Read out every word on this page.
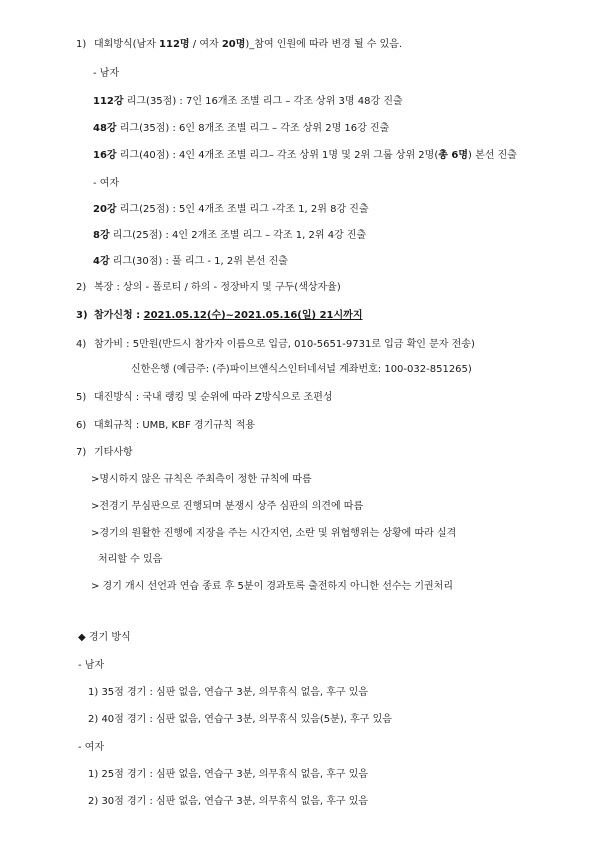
1) 대회방식(남자 112명 / 여자 20명)_참여 인원에 따라 변경 될 수 있음.
- 남자
112강 리그(35점) : 7인 16개조 조별 리그 – 각조 상위 3명 48강 진출
48강 리그(35점) : 6인 8개조 조별 리그 – 각조 상위 2명 16강 진출
16강 리그(40점) : 4인 4개조 조별 리그– 각조 상위 1명 및 2위 그룹 상위 2명(총 6명) 본선 진출
- 여자
20강 리그(25점) : 5인 4개조 조별 리그 -각조 1, 2위 8강 진출
8강 리그(25점) : 4인 2개조 조별 리그 – 각조 1, 2위 4강 진출
4강 리그(30점) : 풀 리그 - 1, 2위 본선 진출
2) 복장 : 상의 - 폴로티 / 하의 - 정장바지 및 구두(색상자율)
3) 참가신청 : 2021.05.12(수)~2021.05.16(일) 21시까지
4) 참가비 : 5만원(반드시 참가자 이름으로 입금, 010-5651-9731로 입금 확인 문자 전송)
신한은행 (예금주: (주)파이브앤식스인터네셔널 계좌번호: 100-032-851265)
5) 대진방식 : 국내 랭킹 및 순위에 따라 Z방식으로 조편성
6) 대회규칙 : UMB, KBF 경기규칙 적용
7) 기타사항
>명시하지 않은 규칙은 주최측이 정한 규칙에 따름
>전경기 무심판으로 진행되며 분쟁시 상주 심판의 의견에 따름
>경기의 원활한 진행에 지장을 주는 시간지연, 소란 및 위협행위는 상황에 따라 실격
처리할 수 있음
> 경기 개시 선언과 연습 종료 후 5분이 경과토록 출전하지 아니한 선수는 기권처리
◆ 경기 방식
- 남자
1) 35점 경기 : 심판 없음, 연습구 3분, 의무휴식 없음, 후구 있음
2) 40점 경기 : 심판 없음, 연습구 3분, 의무휴식 있음(5분), 후구 있음
- 여자
1) 25점 경기 : 심판 없음, 연습구 3분, 의무휴식 없음, 후구 있음
2) 30점 경기 : 심판 없음, 연습구 3분, 의무휴식 없음, 후구 있음
